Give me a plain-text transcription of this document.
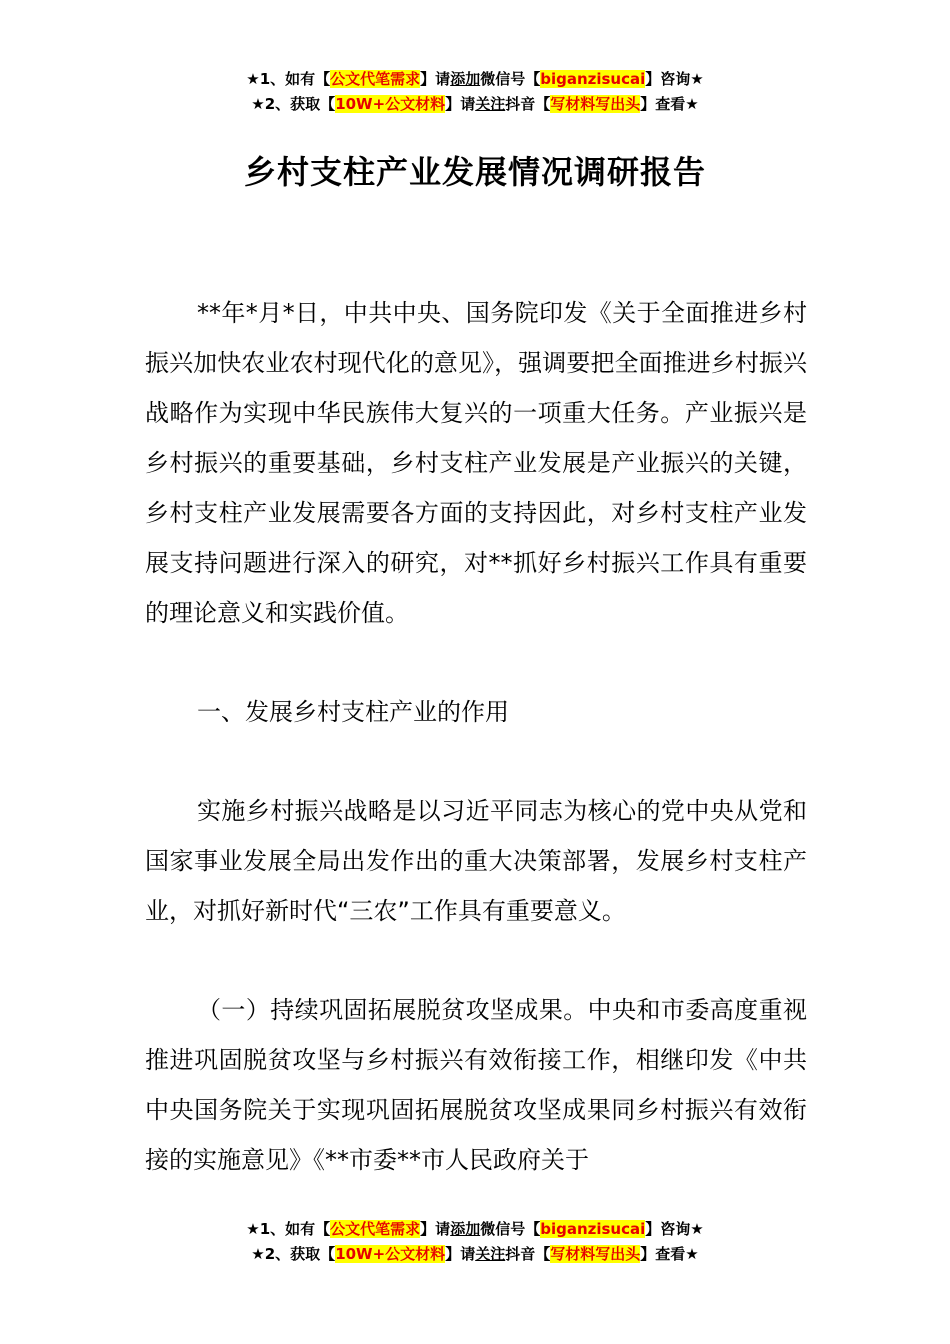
★1、如有【公文代笔需求】请添加微信号【biganzisucai】咨询★
★2、获取【10W+公文材料】请关注抖音【写材料写出头】查看★
乡村支柱产业发展情况调研报告

**年*月*日，中共中央、国务院印发《关于全面推进乡村振兴加快农业农村现代化的意见》，强调要把全面推进乡村振兴战略作为实现中华民族伟大复兴的一项重大任务。产业振兴是乡村振兴的重要基础，乡村支柱产业发展是产业振兴的关键，乡村支柱产业发展需要各方面的支持因此，对乡村支柱产业发展支持问题进行深入的研究，对**抓好乡村振兴工作具有重要的理论意义和实践价值。

一、发展乡村支柱产业的作用

实施乡村振兴战略是以习近平同志为核心的党中央从党和国家事业发展全局出发作出的重大决策部署，发展乡村支柱产业，对抓好新时代“三农”工作具有重要意义。

（一）持续巩固拓展脱贫攻坚成果。中央和市委高度重视推进巩固脱贫攻坚与乡村振兴有效衔接工作，相继印发《中共中央国务院关于实现巩固拓展脱贫攻坚成果同乡村振兴有效衔接的实施意见》《**市委**市人民政府关于

★1、如有【公文代笔需求】请添加微信号【biganzisucai】咨询★
★2、获取【10W+公文材料】请关注抖音【写材料写出头】查看★
